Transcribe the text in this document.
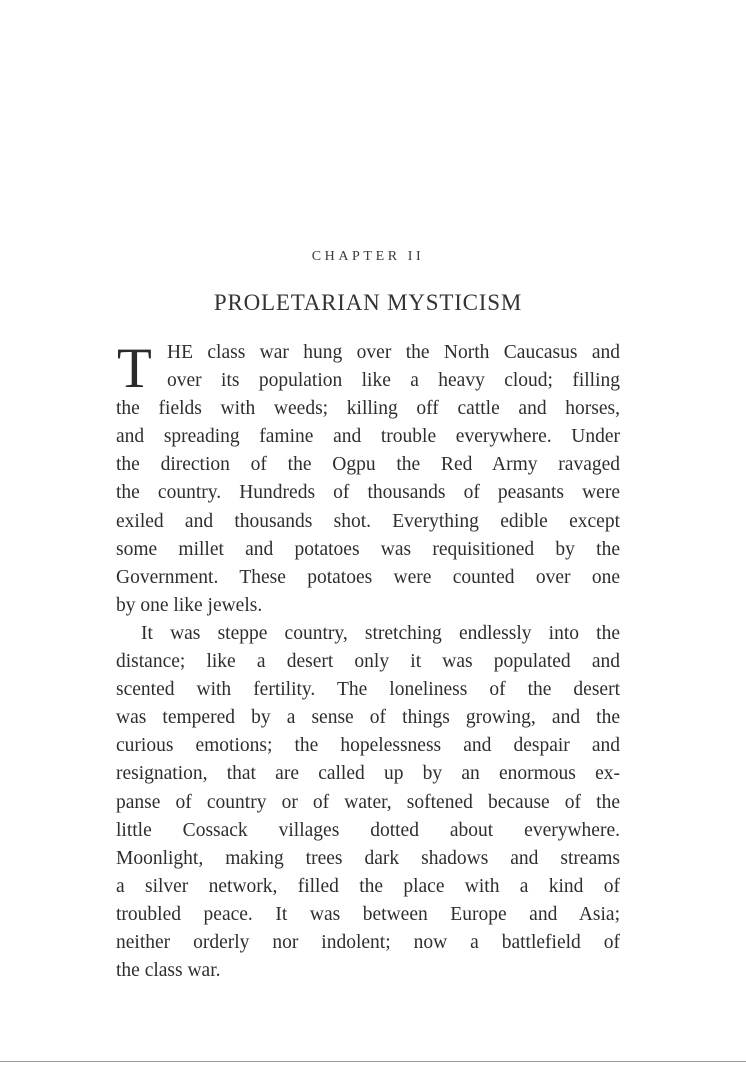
CHAPTER II
PROLETARIAN MYSTICISM
T HE class war hung over the North Caucasus and
over its population like a heavy cloud; filling
the fields with weeds; killing off cattle and horses,
and spreading famine and trouble everywhere. Under
the direction of the Ogpu the Red Army ravaged
the country. Hundreds of thousands of peasants were
exiled and thousands shot. Everything edible except
some millet and potatoes was requisitioned by the
Government. These potatoes were counted over one
by one like jewels.
It was steppe country, stretching endlessly into the
distance; like a desert only it was populated and
scented with fertility. The loneliness of the desert
was tempered by a sense of things growing, and the
curious emotions; the hopelessness and despair and
resignation, that are called up by an enormous ex-
panse of country or of water, softened because of the
little Cossack villages dotted about everywhere.
Moonlight, making trees dark shadows and streams
a silver network, filled the place with a kind of
troubled peace. It was between Europe and Asia;
neither orderly nor indolent; now a battlefield of
the class war.
